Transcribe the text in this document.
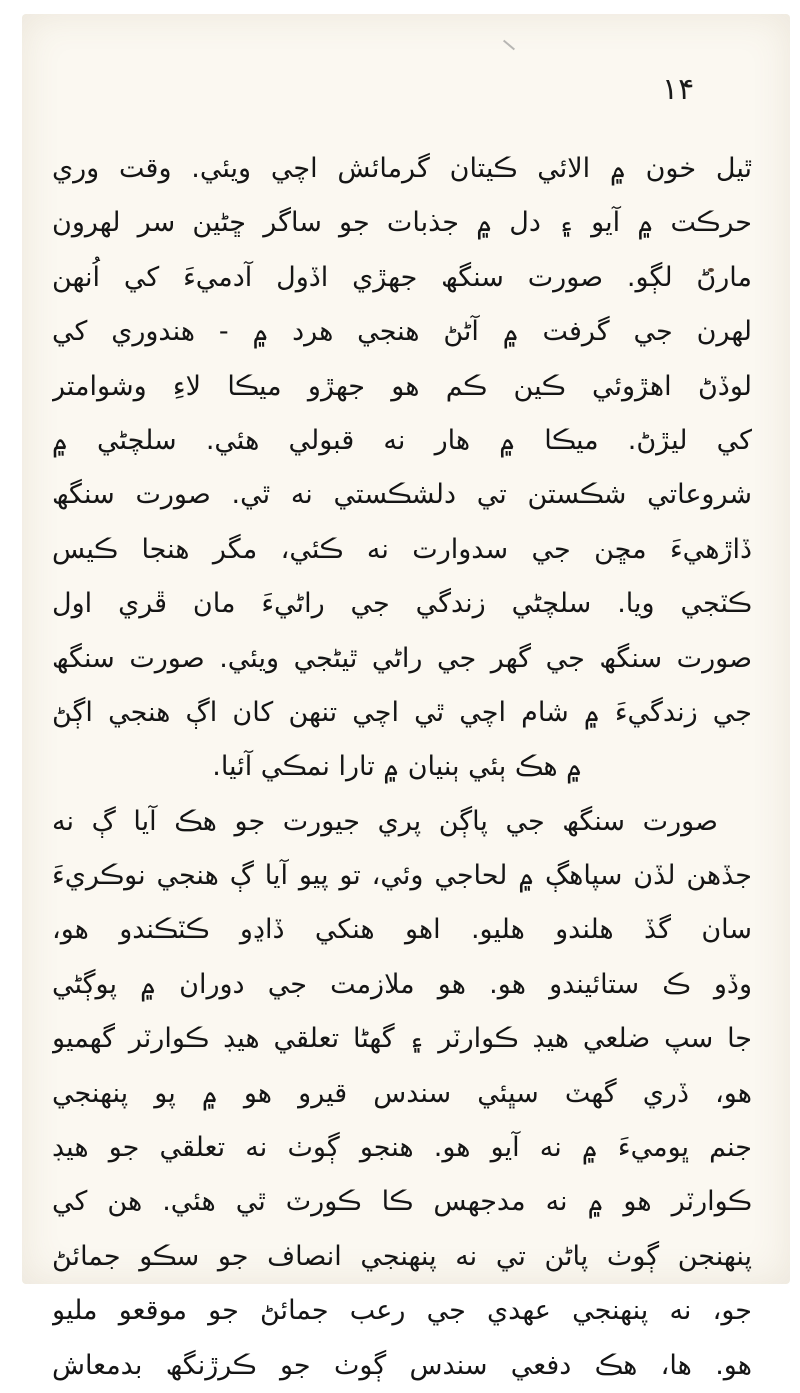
١۴
ٿيل خون ۾ الائي ڪيتان گرمائش اچي ويئي. وقت وري
حرڪت ۾ آيو ۽ دل ۾ جذبات جو ساگر ڇڻين سر لهرون
مارڻ لڳو. صورت سنگھ جهڙي اڏول آدميءَ کي اُنهن
لهرن جي گرفت ۾ آڻڻ هنجي هرد ۾ - هندوري کي
لوڏڻ اهڙوئي ڪين ڪم هو جهڙو ميڪا لاءِ وشوامتر
کي ليڙڻ. ميڪا ۾ هار نه قبولي هئي. سلچڻي ۾
شروعاتي شڪستن تي دلشڪستي نه ٿي. صورت سنگھ
ڏاڙهيءَ مڇن جي سدوارت نه ڪئي، مگر هنجا ڪيس
ڪٽجي ويا. سلچڻي زندگي جي راڻيءَ مان ڦري اول
صورت سنگھ جي گهر جي راڻي ٿيڻجي ويئي. صورت سنگھ
جي زندگيءَ ۾ شام اچي ٿي اچي تنهن کان اڳ هنجي اڳڻ
۾ هڪ ٻئي ٻنيان ۾ تارا نمڪي آئيا.
صورت سنگھ جي پاڳن پري جيورت جو هڪ آيا ڳ نه
جڏهن لڏن سپاهڳ ۾ لحاجي وئي، تو پيو آيا ڳ هنجي نوڪريءَ
سان گڏ هلندو هليو. اهو هنکي ڏاڍو ڪٽڪندو هو،
وڏو ڪ ستائيندو هو. هو ملازمت جي دوران ۾ پوڳڻي
جا سپ ضلعي هيڊ ڪوارٽر ۽ گهڻا تعلقي هيڊ ڪوارٽر گهميو
هو، ڏري گهٽ سڀئي سندس قيرو هو ۾ پو پنهنجي
جنم ڀوميءَ ۾ نه آيو هو. هنجو ڳوٺ نه تعلقي جو هيڊ
ڪوارٽر هو ۾ نه مدجهس ڪا ڪورٽ ٿي هئي. هن کي
پنهنجن ڳوٺ پاڻن تي نه پنهنجي انصاف جو سڪو جمائڻ
جو، نه پنهنجي عهدي جي رعب جمائڻ جو موقعو مليو
هو. ها، هڪ دفعي سندس ڳوٺ جو ڪرڙنگھ بدمعاش
